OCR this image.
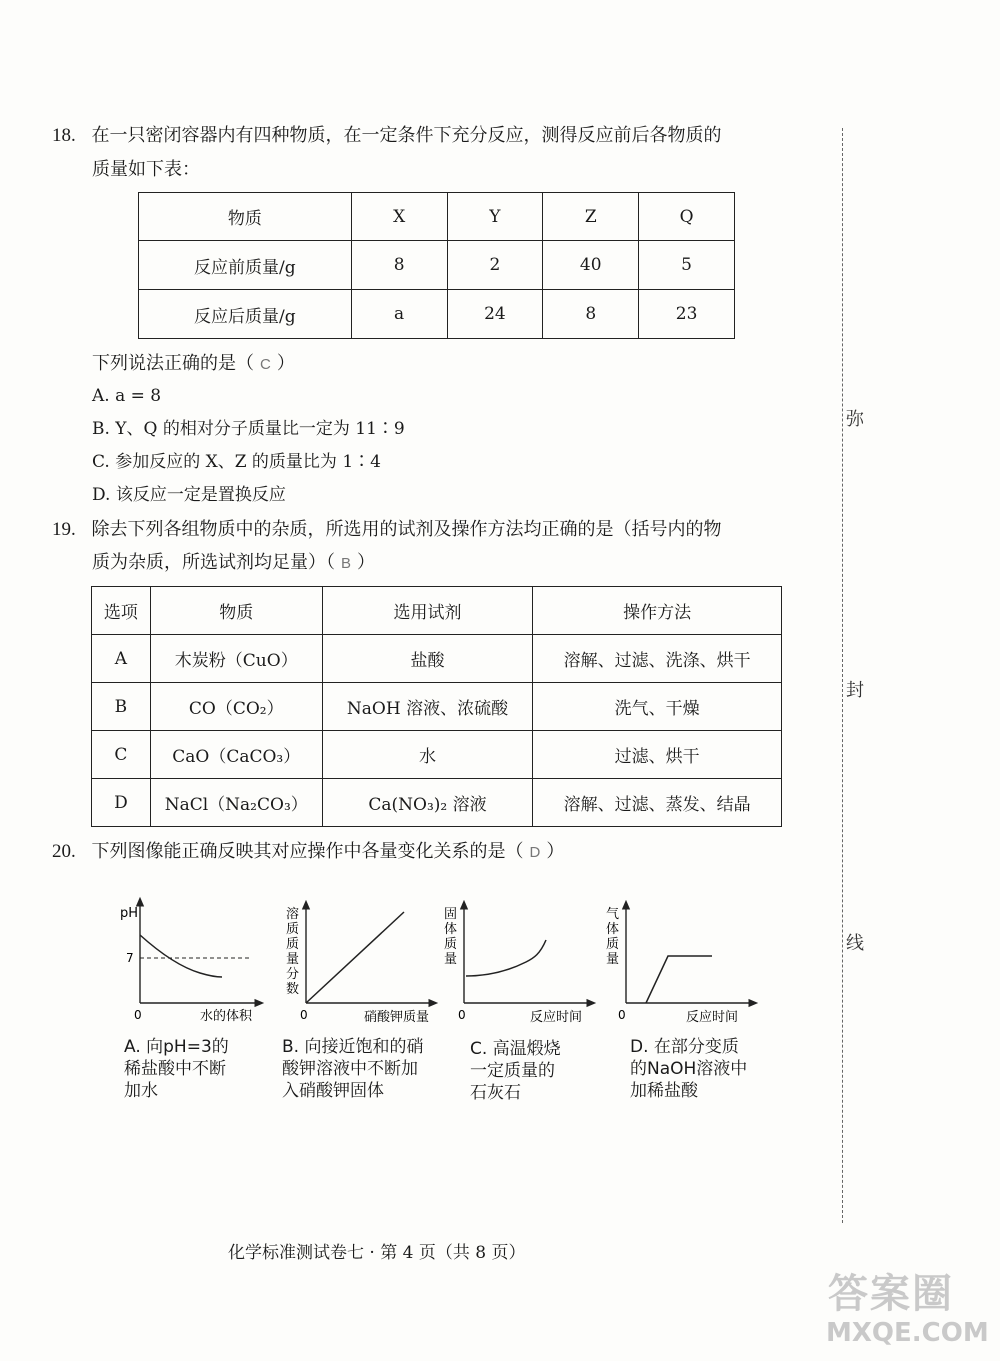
18. 在一只密闭容器内有四种物质，在一定条件下充分反应，测得反应前后各物质的
质量如下表：
物质	X	Y	Z	Q
反应前质量/g	8	2	40	5
反应后质量/g	a	24	8	23
下列说法正确的是（ C ）
A. a = 8
B. Y、Q 的相对分子质量比一定为 11∶9
C. 参加反应的 X、Z 的质量比为 1∶4
D. 该反应一定是置换反应
19. 除去下列各组物质中的杂质，所选用的试剂及操作方法均正确的是（括号内的物
质为杂质，所选试剂均足量）（ B ）
选项	物质	选用试剂	操作方法
A	木炭粉（CuO）	盐酸	溶解、过滤、洗涤、烘干
B	CO（CO₂）	NaOH 溶液、浓硫酸	洗气、干燥
C	CaO（CaCO₃）	水	过滤、烘干
D	NaCl（Na₂CO₃）	Ca(NO₃)₂ 溶液	溶解、过滤、蒸发、结晶
20. 下列图像能正确反映其对应操作中各量变化关系的是（ D ）
pH
7
0	水的体积
溶 质 质 量 分 数
0	硝酸钾质量
固 体 质 量
0	反应时间
气 体 质 量
0	反应时间
A. 向pH=3的
稀盐酸中不断
加水
B. 向接近饱和的硝
酸钾溶液中不断加
入硝酸钾固体
C. 高温煅烧
一定质量的
石灰石
D. 在部分变质
的NaOH溶液中
加稀盐酸
弥
封
线
化学标准测试卷七 · 第 4 页（共 8 页）
答案圈
MXQE.COM
